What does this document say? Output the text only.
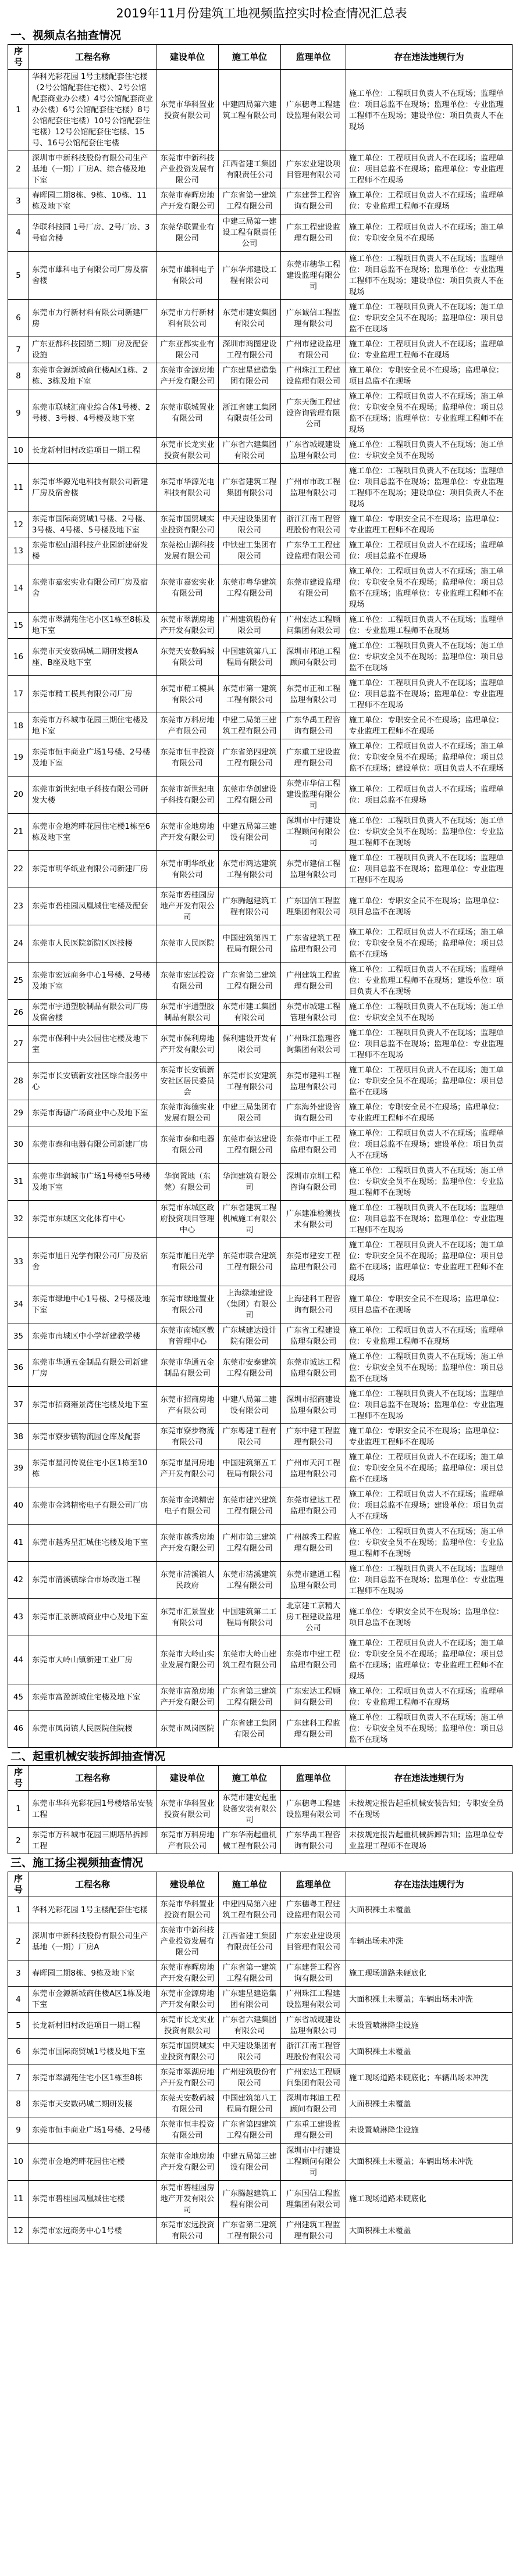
2019年11月份建筑工地视频监控实时检查情况汇总表
一、视频点名抽查情况
序号	工程名称	建设单位	施工单位	监理单位	存在违法违规行为
1	华科光彩花园 1号主楼配套住宅楼（2号公馆配套住宅楼）、2号公馆配套商业办公楼）4号公馆配套商业办公楼）6号公馆配套住宅楼）8号公馆配套住宅楼）10号公馆配套住宅楼）12号公馆配套住宅楼、15号、16号公馆配套住宅楼	东莞市华科置业投资有限公司	中建四局第六建筑工程有限公司	广东穗粤工程建设监理有限公司	施工单位：工程项目负责人不在现场；监理单位：项目总监不在现场；监理单位：专业监理工程师不在现场；建设单位：项目负责人不在现场
2	深圳市中新科技股份有限公司生产基地（一期）厂房A、综合楼及地下室	东莞市中新科技产业投资发展有限公司	江西省建工集团有限责任公司	广东宏业建设项目管理有限公司	施工单位：工程项目负责人不在现场；监理单位：项目总监不在现场；监理单位：专业监理工程师不在现场
3	春晖园二期8栋、9栋、10栋、11栋及地下室	东莞市春晖房地产开发有限公司	广东省第一建筑工程有限公司	广东建誉工程咨询有限公司	施工单位：工程项目负责人不在现场；监理单位：专业监理工程师不在现场
4	华联科技园 1号厂房、2号厂房、3号宿舍楼	东莞华联置业有限公司	中建三局第一建设工程有限责任公司	广东工程建设监理有限公司	施工单位：工程项目负责人不在现场；施工单位：专职安全员不在现场
5	东莞市雄科电子有限公司厂房及宿舍楼	东莞市雄科电子有限公司	广东华邦建设工程有限公司	东莞市穗华工程建设监理有限公司	施工单位：工程项目负责人不在现场；监理单位：项目总监不在现场；监理单位：专业监理工程师不在现场；建设单位：项目负责人不在现场
6	东莞市力行新材料有限公司新建厂房	东莞市力行新材料有限公司	东莞市建安集团有限公司	广东诚信工程监理有限公司	施工单位：工程项目负责人不在现场；施工单位：专职安全员不在现场；监理单位：项目总监不在现场
7	广东亚都科技园第二期厂房及配套设施	广东亚都实业有限公司	深圳市鸿图建设工程有限公司	广州市建设监理有限公司	施工单位：工程项目负责人不在现场；监理单位：专业监理工程师不在现场
8	东莞市金源新城商住楼A区1栋、2栋、3栋及地下室	东莞市金源房地产开发有限公司	广东建星建造集团有限公司	广州珠江工程建设监理有限公司	施工单位：专职安全员不在现场；监理单位：项目总监不在现场
9	东莞市联城汇商业综合体1号楼、2号楼、3号楼、4号楼及地下室	东莞市联城置业有限公司	浙江省建工集团有限责任公司	广东天衡工程建设咨询管理有限公司	施工单位：工程项目负责人不在现场；施工单位：专职安全员不在现场；监理单位：项目总监不在现场；监理单位：专业监理工程师不在现场
10	长龙新村旧村改造项目一期工程	东莞市长龙实业投资有限公司	广东省六建集团有限公司	广东省城规建设监理有限公司	施工单位：工程项目负责人不在现场；施工单位：专职安全员不在现场
11	东莞市华源光电科技有限公司新建厂房及宿舍楼	东莞市华源光电科技有限公司	广东省建筑工程集团有限公司	广州市市政工程监理有限公司	施工单位：工程项目负责人不在现场；监理单位：项目总监不在现场；监理单位：专业监理工程师不在现场；建设单位：项目负责人不在现场
12	东莞市国际商贸城1号楼、2号楼、3号楼、4号楼、5号楼及地下室	东莞市国贸城实业投资有限公司	中天建设集团有限公司	浙江江南工程管理股份有限公司	施工单位：专职安全员不在现场；监理单位：专业监理工程师不在现场
13	东莞市松山湖科技产业园新建研发楼	东莞松山湖科技发展有限公司	中铁建工集团有限公司	广东华工工程建设监理有限公司	施工单位：工程项目负责人不在现场；监理单位：项目总监不在现场
14	东莞市嘉宏实业有限公司厂房及宿舍	东莞市嘉宏实业有限公司	东莞市粤华建筑工程有限公司	东莞市建设监理有限公司	施工单位：工程项目负责人不在现场；施工单位：专职安全员不在现场；监理单位：项目总监不在现场；监理单位：专业监理工程师不在现场
15	东莞市翠湖苑住宅小区1栋至8栋及地下室	东莞市翠湖房地产开发有限公司	广州建筑股份有限公司	广州宏达工程顾问集团有限公司	施工单位：工程项目负责人不在现场；监理单位：专业监理工程师不在现场
16	东莞市天安数码城二期研发楼A座、B座及地下室	东莞天安数码城有限公司	中国建筑第八工程局有限公司	深圳市邦迪工程顾问有限公司	施工单位：工程项目负责人不在现场；施工单位：专职安全员不在现场；监理单位：项目总监不在现场
17	东莞市精工模具有限公司厂房	东莞市精工模具有限公司	东莞市第一建筑工程有限公司	东莞市正和工程监理有限公司	施工单位：工程项目负责人不在现场；监理单位：项目总监不在现场；监理单位：专业监理工程师不在现场
18	东莞市万科城市花园三期住宅楼及地下室	东莞市万科房地产有限公司	中建二局第三建筑工程有限公司	广东华禹工程咨询有限公司	施工单位：专职安全员不在现场；监理单位：专业监理工程师不在现场
19	东莞市恒丰商业广场1号楼、2号楼及地下室	东莞市恒丰投资有限公司	广东省第四建筑工程有限公司	广东重工建设监理有限公司	施工单位：工程项目负责人不在现场；施工单位：专职安全员不在现场；监理单位：项目总监不在现场；建设单位：项目负责人不在现场
20	东莞市新世纪电子科技有限公司研发大楼	东莞市新世纪电子科技有限公司	东莞市华创建设工程有限公司	东莞市华信工程建设监理有限公司	施工单位：工程项目负责人不在现场；监理单位：项目总监不在现场
21	东莞市金地湾畔花园住宅楼1栋至6栋及地下室	东莞市金地房地产开发有限公司	中建五局第三建设有限公司	深圳市中行建设工程顾问有限公司	施工单位：工程项目负责人不在现场；施工单位：专职安全员不在现场；监理单位：专业监理工程师不在现场
22	东莞市明华纸业有限公司新建厂房	东莞市明华纸业有限公司	东莞市鸿达建筑工程有限公司	东莞市建信工程监理有限公司	施工单位：工程项目负责人不在现场；监理单位：项目总监不在现场；监理单位：专业监理工程师不在现场
23	东莞市碧桂园凤凰城住宅楼及配套	东莞市碧桂园房地产开发有限公司	广东腾越建筑工程有限公司	广东国信工程监理集团有限公司	施工单位：专职安全员不在现场；监理单位：项目总监不在现场
24	东莞市人民医院新院区医技楼	东莞市人民医院	中国建筑第四工程局有限公司	广东省建筑工程监理有限公司	施工单位：工程项目负责人不在现场；施工单位：专职安全员不在现场；监理单位：项目总监不在现场
25	东莞市宏远商务中心1号楼、2号楼及地下室	东莞市宏远投资有限公司	广东省第二建筑工程有限公司	广州建筑工程监理有限公司	施工单位：工程项目负责人不在现场；监理单位：专业监理工程师不在现场；建设单位：项目负责人不在现场
26	东莞市宇通塑胶制品有限公司厂房及宿舍楼	东莞市宇通塑胶制品有限公司	东莞市建工集团有限公司	东莞市城建工程管理有限公司	施工单位：工程项目负责人不在现场；施工单位：专职安全员不在现场
27	东莞市保利中央公园住宅楼及地下室	东莞市保利房地产开发有限公司	保利建设开发有限公司	广州珠江监理咨询集团有限公司	施工单位：工程项目负责人不在现场；监理单位：项目总监不在现场；监理单位：专业监理工程师不在现场
28	东莞市长安镇新安社区综合服务中心	东莞市长安镇新安社区居民委员会	东莞市长安建筑工程有限公司	东莞市建科工程监理有限公司	施工单位：工程项目负责人不在现场；施工单位：专职安全员不在现场；监理单位：项目总监不在现场
29	东莞市海德广场商业中心及地下室	东莞市海德实业发展有限公司	中建三局集团有限公司	广东海外建设咨询有限公司	施工单位：专职安全员不在现场；监理单位：专业监理工程师不在现场
30	东莞市泰和电器有限公司新建厂房	东莞市泰和电器有限公司	东莞市泰达建设工程有限公司	东莞市中正工程监理有限公司	施工单位：工程项目负责人不在现场；监理单位：项目总监不在现场；建设单位：项目负责人不在现场
31	东莞市华润城市广场1号楼至5号楼及地下室	华润置地（东莞）有限公司	华润建筑有限公司	深圳市京圳工程咨询有限公司	施工单位：工程项目负责人不在现场；施工单位：专职安全员不在现场；监理单位：专业监理工程师不在现场
32	东莞市东城区文化体育中心	东莞市东城区政府投资项目管理中心	广东省建筑工程机械施工有限公司	广东建准检测技术有限公司	施工单位：工程项目负责人不在现场；监理单位：项目总监不在现场；监理单位：专业监理工程师不在现场
33	东莞市旭日光学有限公司厂房及宿舍	东莞市旭日光学有限公司	东莞市联合建筑工程有限公司	东莞市建安工程监理有限公司	施工单位：工程项目负责人不在现场；施工单位：专职安全员不在现场；监理单位：项目总监不在现场；监理单位：专业监理工程师不在现场
34	东莞市绿地中心1号楼、2号楼及地下室	东莞市绿地置业有限公司	上海绿地建设（集团）有限公司	上海建科工程咨询有限公司	施工单位：专职安全员不在现场；监理单位：项目总监不在现场
35	东莞市南城区中小学新建教学楼	东莞市南城区教育管理中心	广东城建达设计院有限公司	广东省工程建设监理有限公司	施工单位：工程项目负责人不在现场；监理单位：专业监理工程师不在现场
36	东莞市华通五金制品有限公司新建厂房	东莞市华通五金制品有限公司	东莞市安泰建筑工程有限公司	东莞市诚达工程监理有限公司	施工单位：工程项目负责人不在现场；施工单位：专职安全员不在现场；监理单位：项目总监不在现场
37	东莞市招商雍景湾住宅楼及地下室	东莞市招商房地产有限公司	中建八局第二建设有限公司	深圳市招商建设监理有限公司	施工单位：工程项目负责人不在现场；监理单位：项目总监不在现场；监理单位：专业监理工程师不在现场
38	东莞市寮步镇物流园仓库及配套	东莞市寮步物流有限公司	广东粤建工程有限公司	广东中建工程监理有限公司	施工单位：专职安全员不在现场；监理单位：专业监理工程师不在现场
39	东莞市星河传说住宅小区1栋至10栋	东莞市星河房地产开发有限公司	中国建筑第五工程局有限公司	广州市天河工程监理有限公司	施工单位：工程项目负责人不在现场；施工单位：专职安全员不在现场；监理单位：项目总监不在现场
40	东莞市金鸿精密电子有限公司厂房	东莞市金鸿精密电子有限公司	东莞市建兴建筑工程有限公司	东莞市建达工程监理有限公司	施工单位：工程项目负责人不在现场；监理单位：项目总监不在现场；建设单位：项目负责人不在现场
41	东莞市越秀星汇城住宅楼及地下室	东莞市越秀房地产开发有限公司	广州市第三建筑工程有限公司	广州越秀工程监理有限公司	施工单位：工程项目负责人不在现场；施工单位：专职安全员不在现场；监理单位：专业监理工程师不在现场
42	东莞市清溪镇综合市场改造工程	东莞市清溪镇人民政府	东莞市清溪建筑工程有限公司	东莞市建通工程监理有限公司	施工单位：工程项目负责人不在现场；监理单位：项目总监不在现场；监理单位：专业监理工程师不在现场
43	东莞市汇景新城商业中心及地下室	东莞市汇景置业有限公司	中国建筑第二工程局有限公司	北京建工京精大房工程建设监理公司	施工单位：专职安全员不在现场；监理单位：项目总监不在现场
44	东莞市大岭山镇新建工业厂房	东莞市大岭山实业发展有限公司	东莞市大岭山建筑工程有限公司	东莞市中建工程监理有限公司	施工单位：工程项目负责人不在现场；施工单位：专职安全员不在现场；监理单位：项目总监不在现场；监理单位：专业监理工程师不在现场
45	东莞市富盈新城住宅楼及地下室	东莞市富盈房地产开发有限公司	广东省第三建筑工程有限公司	广东宏达工程顾问有限公司	施工单位：工程项目负责人不在现场；监理单位：专业监理工程师不在现场
46	东莞市凤岗镇人民医院住院楼	东莞市凤岗医院	广东省建工集团有限公司	广东建科工程监理有限公司	施工单位：工程项目负责人不在现场；施工单位：专职安全员不在现场；监理单位：项目总监不在现场
二、起重机械安装拆卸抽查情况
序号	工程名称	建设单位	施工单位	监理单位	存在违法违规行为
1	东莞市华科光彩花园1号楼塔吊安装工程	东莞市华科置业投资有限公司	东莞市建安起重设备安装有限公司	广东穗粤工程建设监理有限公司	未按规定报告起重机械安装告知；专职安全员不在现场
2	东莞市万科城市花园三期塔吊拆卸工程	东莞市万科房地产有限公司	广东华南起重机械工程有限公司	广东华禹工程咨询有限公司	未按规定报告起重机械拆卸告知；监理单位专业监理工程师不在现场
三、施工扬尘视频抽查情况
序号	工程名称	建设单位	施工单位	监理单位	存在违法违规行为
1	华科光彩花园 1号主楼配套住宅楼	东莞市华科置业投资有限公司	中建四局第六建筑工程有限公司	广东穗粤工程建设监理有限公司	大面积裸土未覆盖
2	深圳市中新科技股份有限公司生产基地（一期）厂房A	东莞市中新科技产业投资发展有限公司	江西省建工集团有限责任公司	广东宏业建设项目管理有限公司	车辆出场未冲洗
3	春晖园二期8栋、9栋及地下室	东莞市春晖房地产开发有限公司	广东省第一建筑工程有限公司	广东建誉工程咨询有限公司	施工现场道路未硬底化
4	东莞市金源新城商住楼A区1栋及地下室	东莞市金源房地产开发有限公司	广东建星建造集团有限公司	广州珠江工程建设监理有限公司	大面积裸土未覆盖；车辆出场未冲洗
5	长龙新村旧村改造项目一期工程	东莞市长龙实业投资有限公司	广东省六建集团有限公司	广东省城规建设监理有限公司	未设置喷淋降尘设施
6	东莞市国际商贸城1号楼及地下室	东莞市国贸城实业投资有限公司	中天建设集团有限公司	浙江江南工程管理股份有限公司	大面积裸土未覆盖
7	东莞市翠湖苑住宅小区1栋至8栋	东莞市翠湖房地产开发有限公司	广州建筑股份有限公司	广州宏达工程顾问集团有限公司	施工现场道路未硬底化；车辆出场未冲洗
8	东莞市天安数码城二期研发楼	东莞天安数码城有限公司	中国建筑第八工程局有限公司	深圳市邦迪工程顾问有限公司	大面积裸土未覆盖
9	东莞市恒丰商业广场1号楼、2号楼	东莞市恒丰投资有限公司	广东省第四建筑工程有限公司	广东重工建设监理有限公司	未设置喷淋降尘设施
10	东莞市金地湾畔花园住宅楼	东莞市金地房地产开发有限公司	中建五局第三建设有限公司	深圳市中行建设工程顾问有限公司	大面积裸土未覆盖；车辆出场未冲洗
11	东莞市碧桂园凤凰城住宅楼	东莞市碧桂园房地产开发有限公司	广东腾越建筑工程有限公司	广东国信工程监理集团有限公司	施工现场道路未硬底化
12	东莞市宏远商务中心1号楼	东莞市宏远投资有限公司	广东省第二建筑工程有限公司	广州建筑工程监理有限公司	大面积裸土未覆盖
